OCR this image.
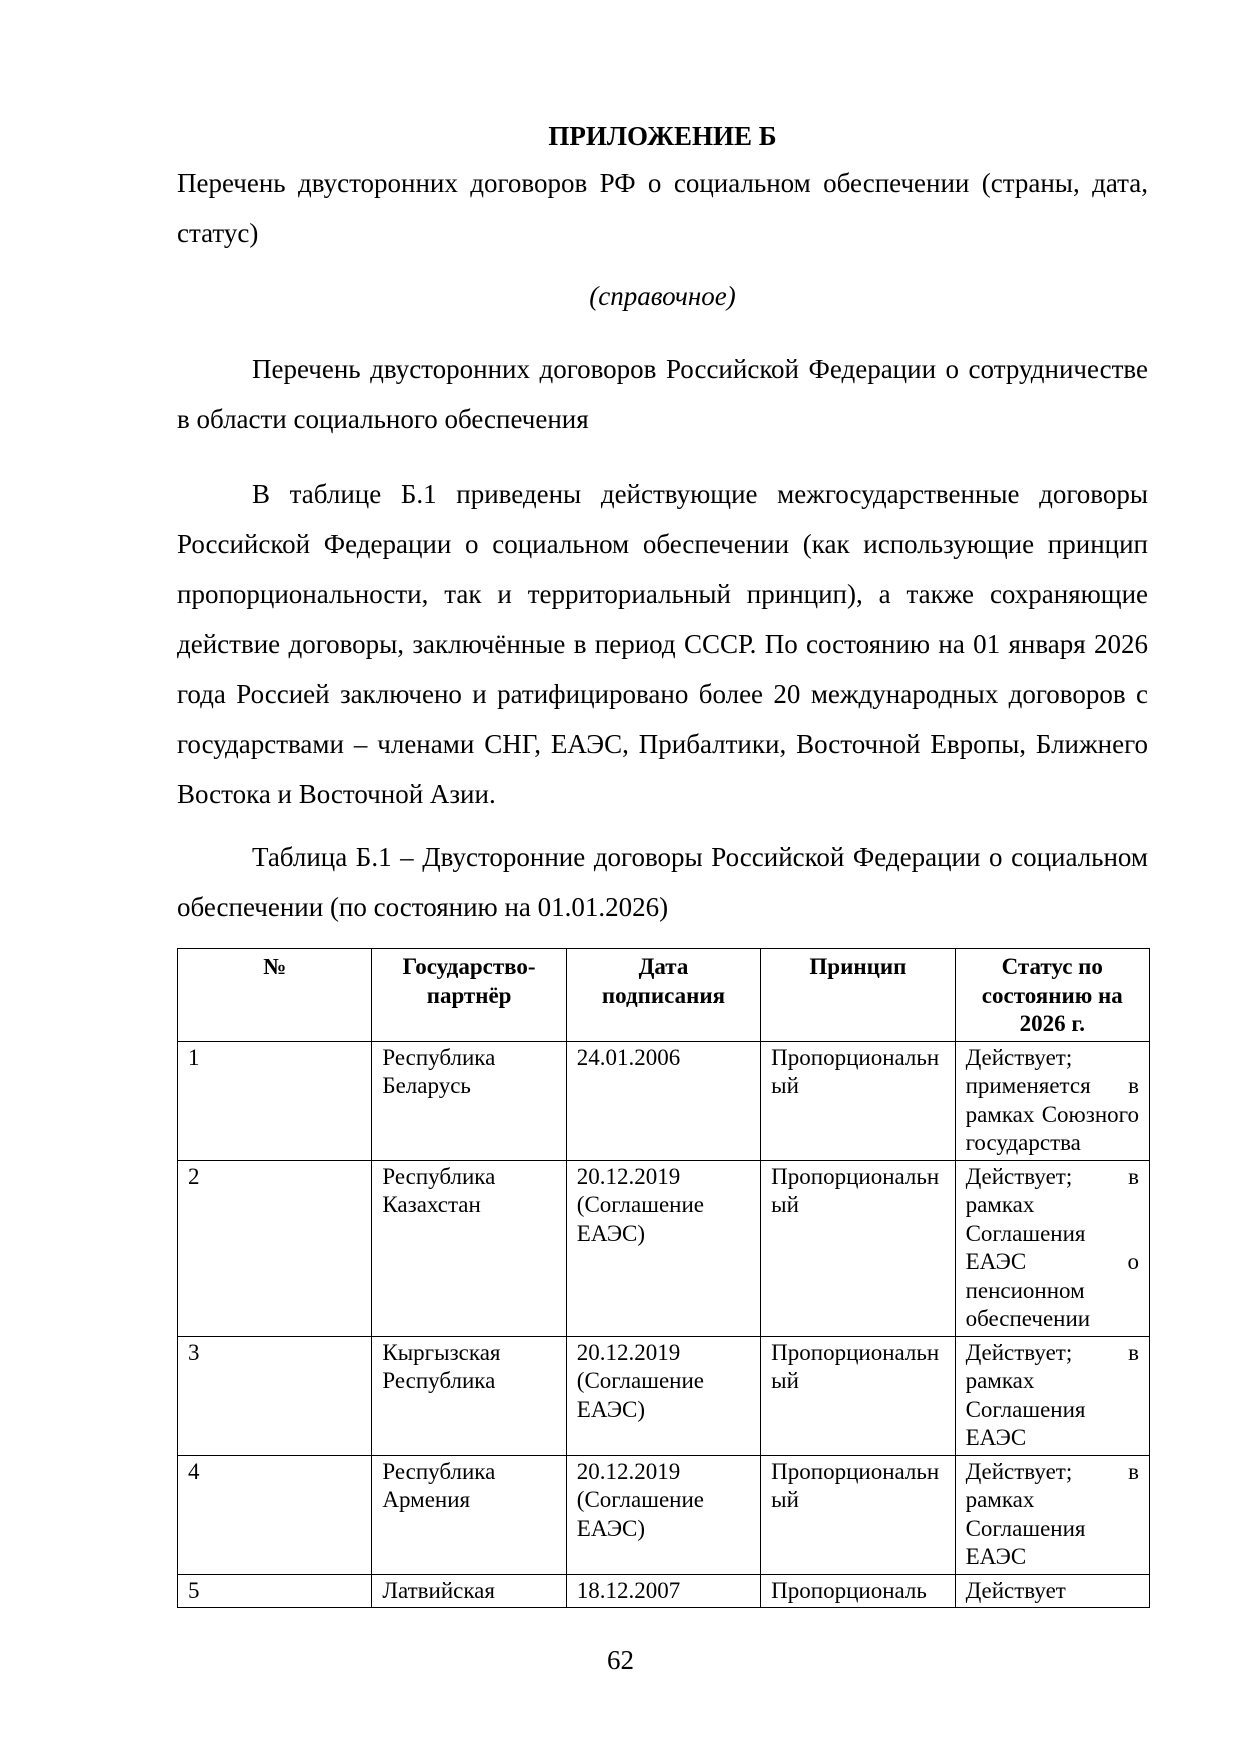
ПРИЛОЖЕНИЕ Б

Перечень двусторонних договоров РФ о социальном обеспечении (страны, дата, статус)

(справочное)

Перечень двусторонних договоров Российской Федерации о сотрудничестве в области социального обеспечения

В таблице Б.1 приведены действующие межгосударственные договоры Российской Федерации о социальном обеспечении (как использующие принцип пропорциональности, так и территориальный принцип), а также сохраняющие действие договоры, заключённые в период СССР. По состоянию на 01 января 2026 года Россией заключено и ратифицировано более 20 международных договоров с государствами – членами СНГ, ЕАЭС, Прибалтики, Восточной Европы, Ближнего Востока и Восточной Азии.

Таблица Б.1 – Двусторонние договоры Российской Федерации о социальном обеспечении (по состоянию на 01.01.2026)

№	Государство-партнёр	Дата подписания	Принцип	Статус по состоянию на 2026 г.
1	Республика Беларусь	24.01.2006	Пропорциональный	Действует; применяется в рамках Союзного государства
2	Республика Казахстан	20.12.2019 (Соглашение ЕАЭС)	Пропорциональный	Действует; в рамках Соглашения ЕАЭС о пенсионном обеспечении
3	Кыргызская Республика	20.12.2019 (Соглашение ЕАЭС)	Пропорциональный	Действует; в рамках Соглашения ЕАЭС
4	Республика Армения	20.12.2019 (Соглашение ЕАЭС)	Пропорциональный	Действует; в рамках Соглашения ЕАЭС
5	Латвийская	18.12.2007	Пропорциональ	Действует
62
